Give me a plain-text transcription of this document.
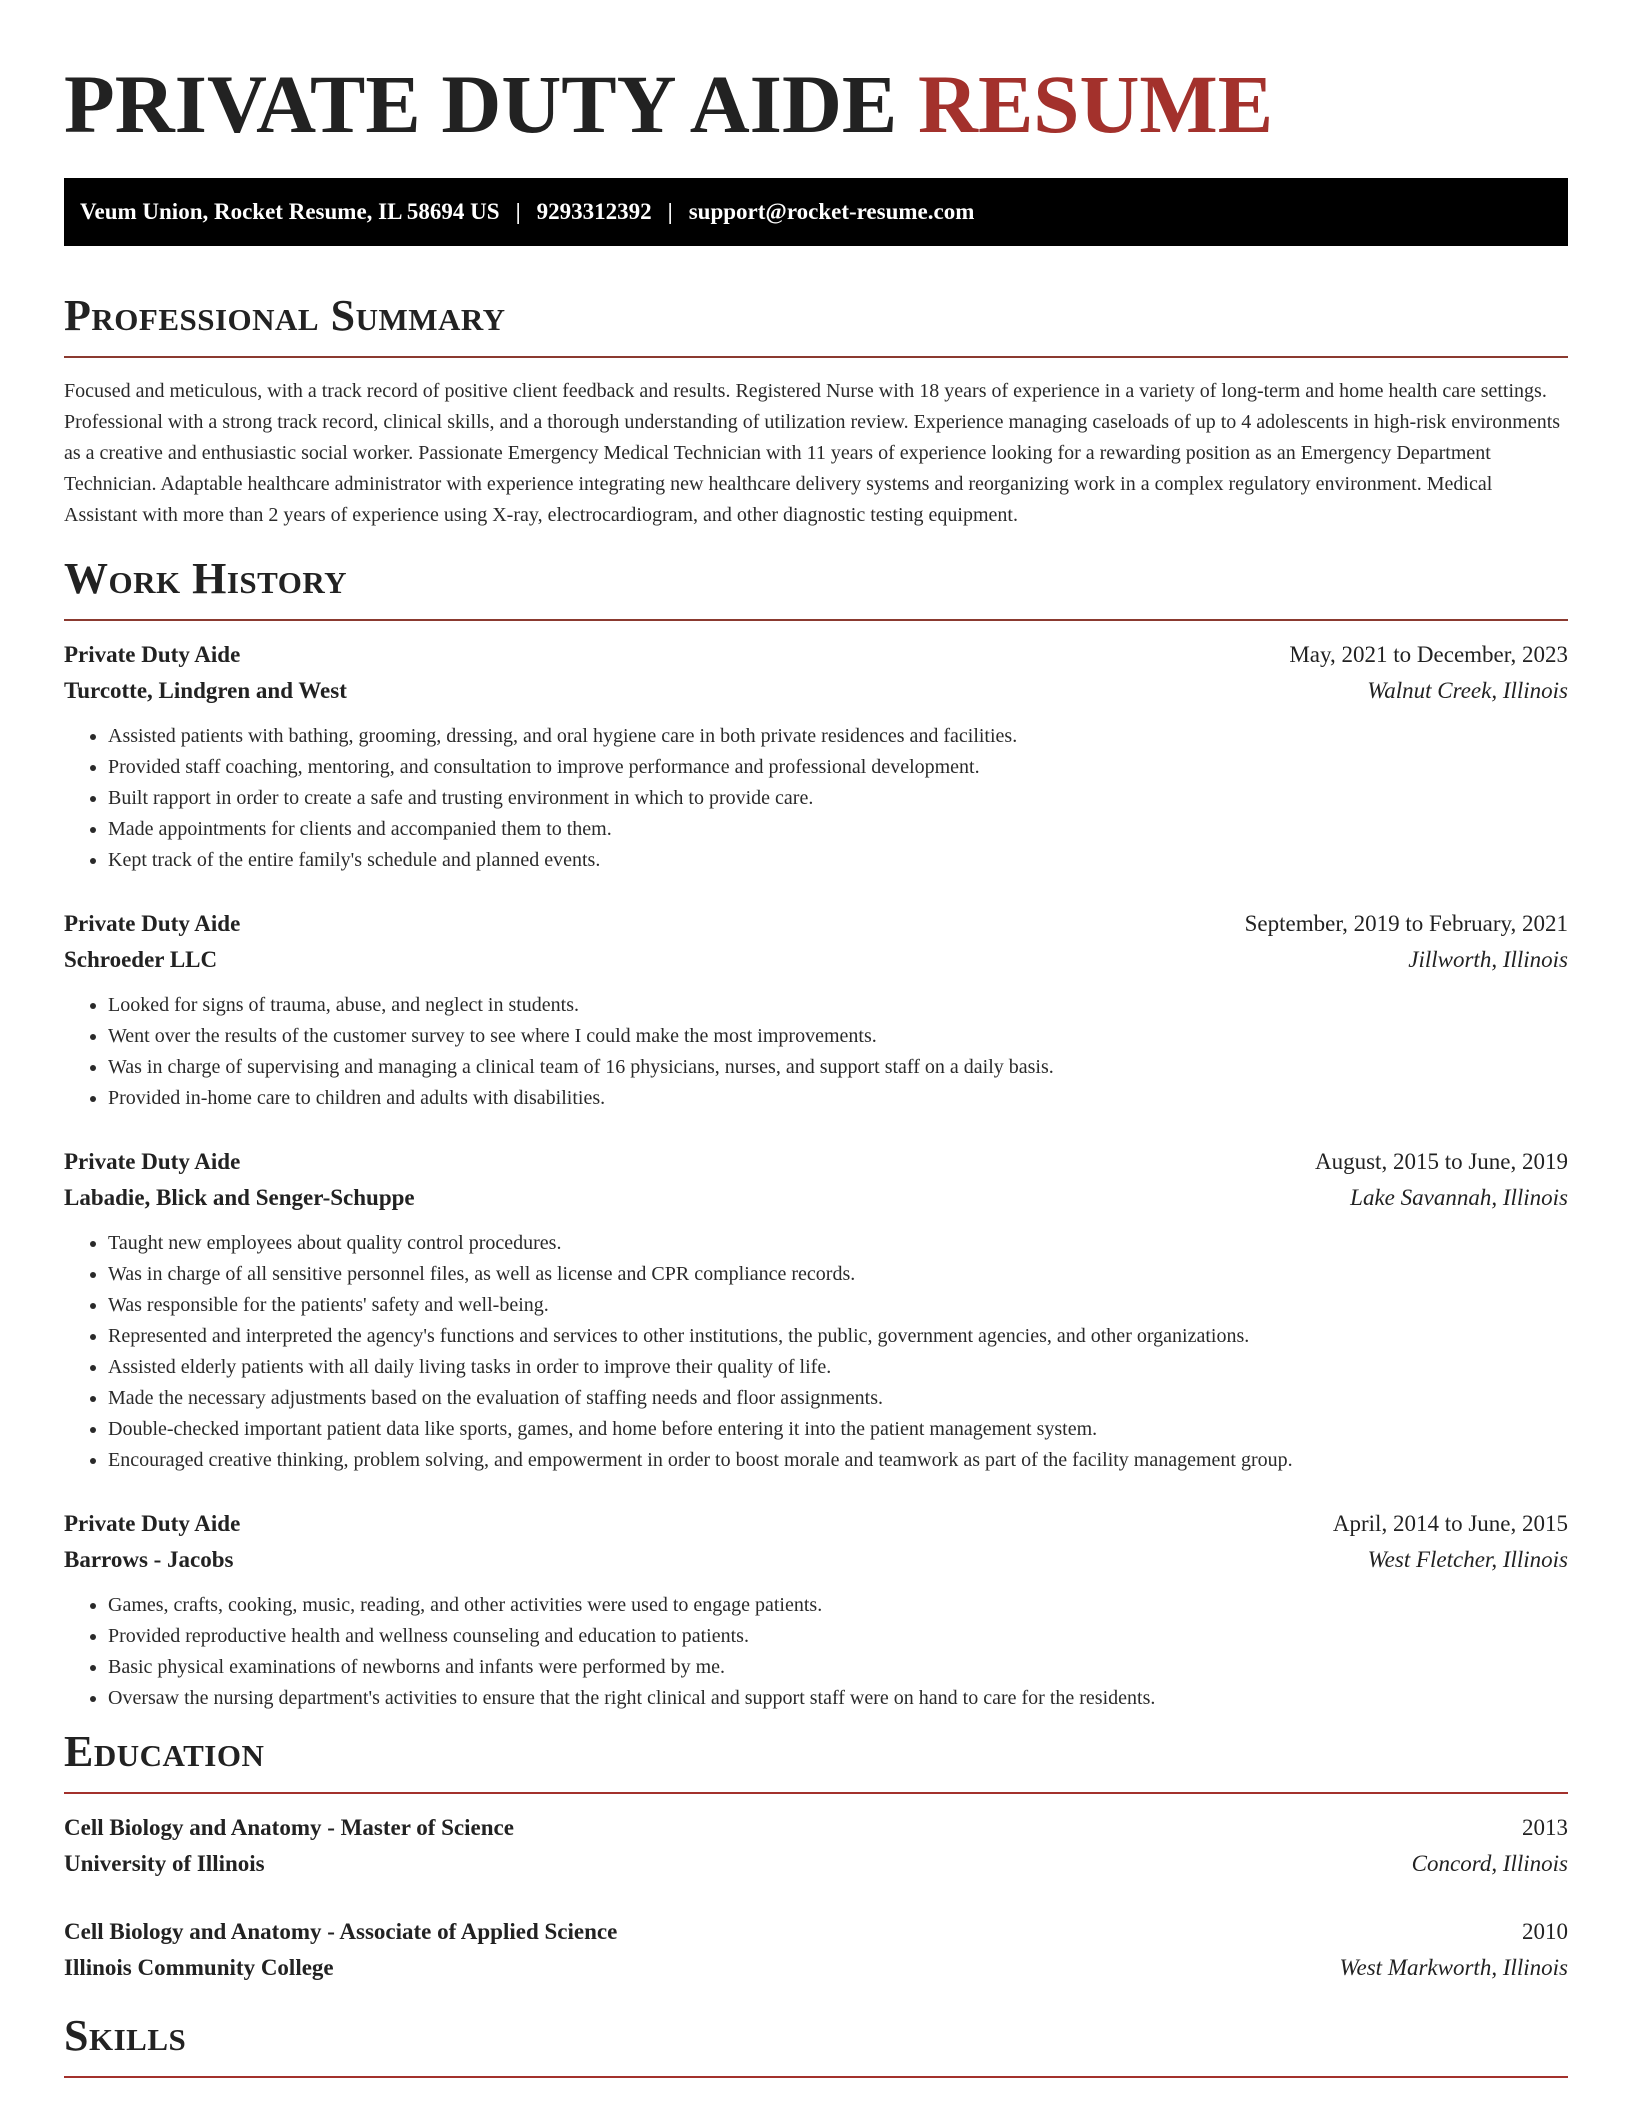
PRIVATE DUTY AIDE RESUME
Veum Union, Rocket Resume, IL 58694 US | 9293312392 | support@rocket-resume.com
Professional Summary

Focused and meticulous, with a track record of positive client feedback and results. Registered Nurse with 18 years of experience in a variety of long-term and home health care settings. Professional with a strong track record, clinical skills, and a thorough understanding of utilization review. Experience managing caseloads of up to 4 adolescents in high-risk environments as a creative and enthusiastic social worker. Passionate Emergency Medical Technician with 11 years of experience looking for a rewarding position as an Emergency Department Technician. Adaptable healthcare administrator with experience integrating new healthcare delivery systems and reorganizing work in a complex regulatory environment. Medical Assistant with more than 2 years of experience using X-ray, electrocardiogram, and other diagnostic testing equipment.

Work History
Private Duty Aide	May, 2021 to December, 2023
Turcotte, Lindgren and West	Walnut Creek, Illinois
• Assisted patients with bathing, grooming, dressing, and oral hygiene care in both private residences and facilities.
• Provided staff coaching, mentoring, and consultation to improve performance and professional development.
• Built rapport in order to create a safe and trusting environment in which to provide care.
• Made appointments for clients and accompanied them to them.
• Kept track of the entire family's schedule and planned events.
Private Duty Aide	September, 2019 to February, 2021
Schroeder LLC	Jillworth, Illinois
• Looked for signs of trauma, abuse, and neglect in students.
• Went over the results of the customer survey to see where I could make the most improvements.
• Was in charge of supervising and managing a clinical team of 16 physicians, nurses, and support staff on a daily basis.
• Provided in-home care to children and adults with disabilities.
Private Duty Aide	August, 2015 to June, 2019
Labadie, Blick and Senger-Schuppe	Lake Savannah, Illinois
• Taught new employees about quality control procedures.
• Was in charge of all sensitive personnel files, as well as license and CPR compliance records.
• Was responsible for the patients' safety and well-being.
• Represented and interpreted the agency's functions and services to other institutions, the public, government agencies, and other organizations.
• Assisted elderly patients with all daily living tasks in order to improve their quality of life.
• Made the necessary adjustments based on the evaluation of staffing needs and floor assignments.
• Double-checked important patient data like sports, games, and home before entering it into the patient management system.
• Encouraged creative thinking, problem solving, and empowerment in order to boost morale and teamwork as part of the facility management group.
Private Duty Aide	April, 2014 to June, 2015
Barrows - Jacobs	West Fletcher, Illinois
• Games, crafts, cooking, music, reading, and other activities were used to engage patients.
• Provided reproductive health and wellness counseling and education to patients.
• Basic physical examinations of newborns and infants were performed by me.
• Oversaw the nursing department's activities to ensure that the right clinical and support staff were on hand to care for the residents.
Education
Cell Biology and Anatomy - Master of Science	2013
University of Illinois	Concord, Illinois
Cell Biology and Anatomy - Associate of Applied Science	2010
Illinois Community College	West Markworth, Illinois
Skills
